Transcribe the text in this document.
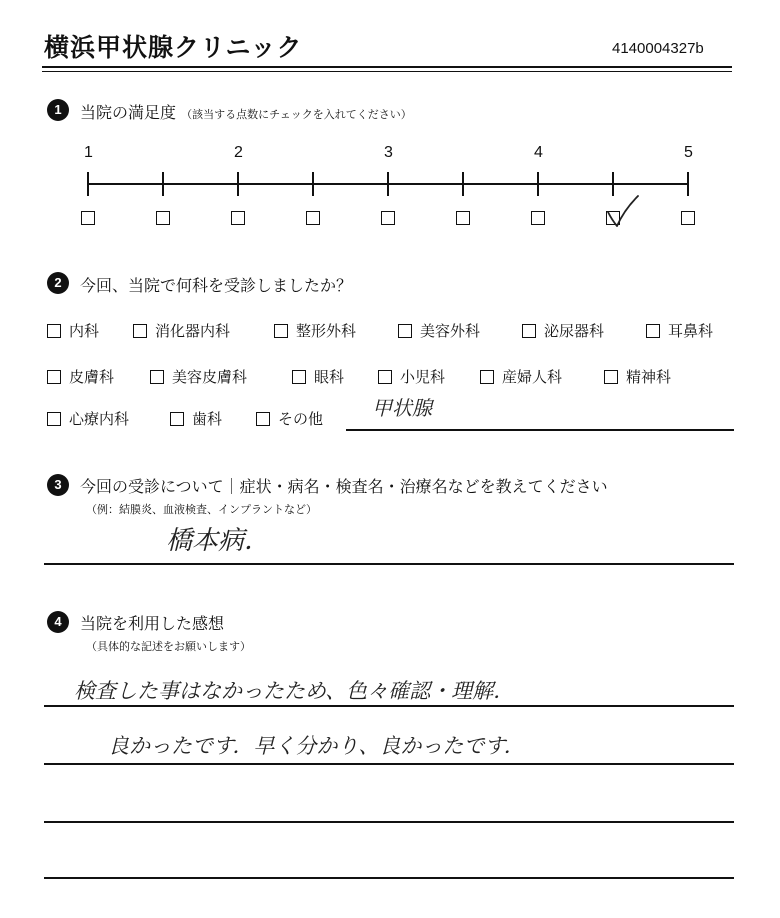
横浜甲状腺クリニック	4140004327b
1	当院の満足度 （該当する点数にチェックを入れてください）
1	2	3	4	5
2	今回、当院で何科を受診しましたか？
内科	消化器内科	整形外科	美容外科	泌尿器科	耳鼻科
皮膚科	美容皮膚科	眼科	小児科	産婦人科	精神科
心療内科	歯科	その他 甲状腺
3	今回の受診について｜症状・病名・検査名・治療名などを教えてください
（例：結膜炎、血液検査、インプラントなど）
橋本病．
4	当院を利用した感想
（具体的な記述をお願いします）
検査した事はなかったため、色々確認・理解．
良かったです．早く分かり、良かったです．
